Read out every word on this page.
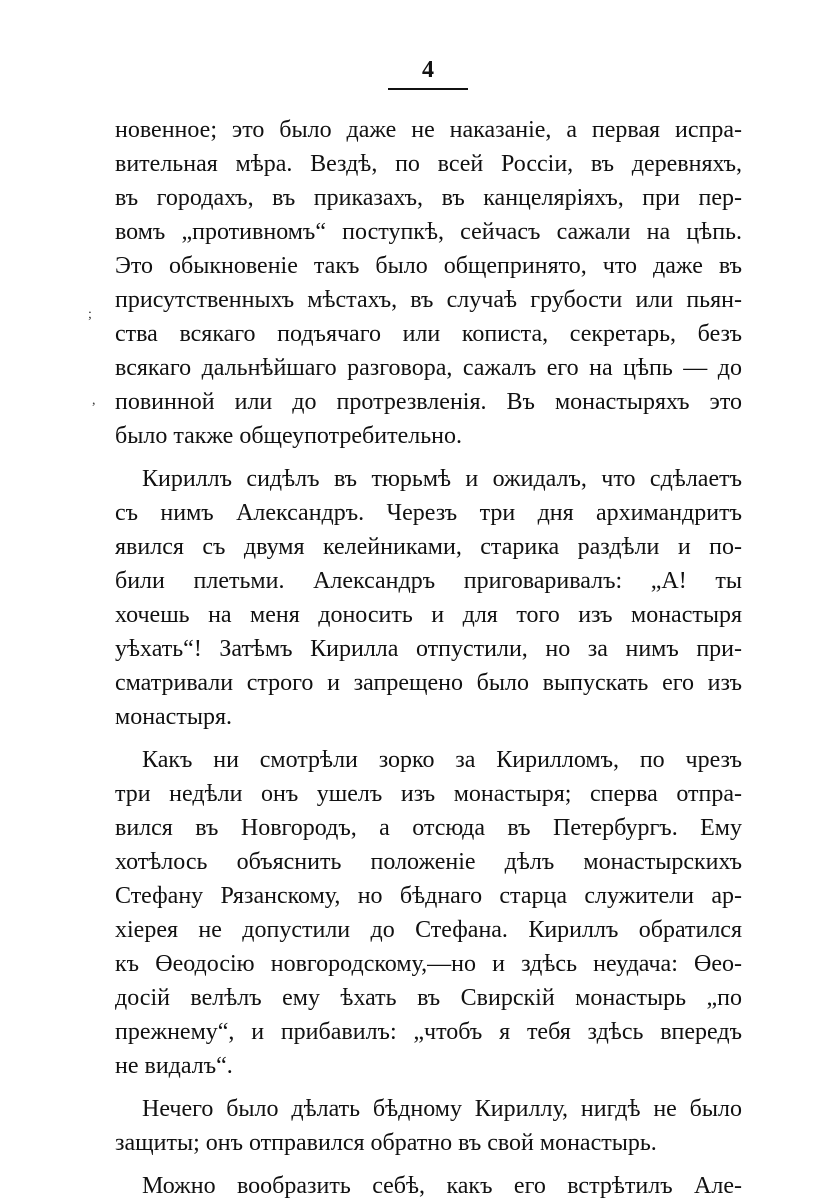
4
;
,

новенное; это было даже не наказанiе, а первая испра-
вительная мѣра. Вездѣ, по всей Россiи, въ деревняхъ,
въ городахъ, въ приказахъ, въ канцелярiяхъ, при пер-
вомъ „противномъ“ поступкѣ, сейчасъ сажали на цѣпь.
Это обыкновенiе такъ было общепринято, что даже въ
присутственныхъ мѣстахъ, въ случаѣ грубости или пьян-
ства всякаго подъячаго или кописта, секретарь, безъ
всякаго дальнѣйшаго разговора, сажалъ его на цѣпь — до
повинной или до протрезвленiя. Въ монастыряхъ это
было также общеупотребительно.

Кириллъ сидѣлъ въ тюрьмѣ и ожидалъ, что сдѣлаетъ
съ нимъ Александръ. Черезъ три дня архимандритъ
явился съ двумя келейниками, старика раздѣли и по-
били плетьми. Александръ приговаривалъ: „А! ты
хочешь на меня доносить и для того изъ монастыря
уѣхать“! Затѣмъ Кирилла отпустили, но за нимъ при-
сматривали строго и запрещено было выпускать его изъ
монастыря.

Какъ ни смотрѣли зорко за Кирилломъ, по чрезъ
три недѣли онъ ушелъ изъ монастыря; сперва отпра-
вился въ Новгородъ, а отсюда въ Петербургъ. Ему
хотѣлось объяснить положенiе дѣлъ монастырскихъ
Стефану Рязанскому, но бѣднаго старца служители ар-
хiерея не допустили до Стефана. Кириллъ обратился
къ Өеодосiю новгородскому,—но и здѣсь неудача: Өео-
досiй велѣлъ ему ѣхать въ Свирскiй монастырь „по
прежнему“, и прибавилъ: „чтобъ я тебя здѣсь впередъ
не видалъ“.

Нечего было дѣлать бѣдному Кириллу, нигдѣ не было
защиты; онъ отправился обратно въ свой монастырь.

Можно вообразить себѣ, какъ его встрѣтилъ Але-
